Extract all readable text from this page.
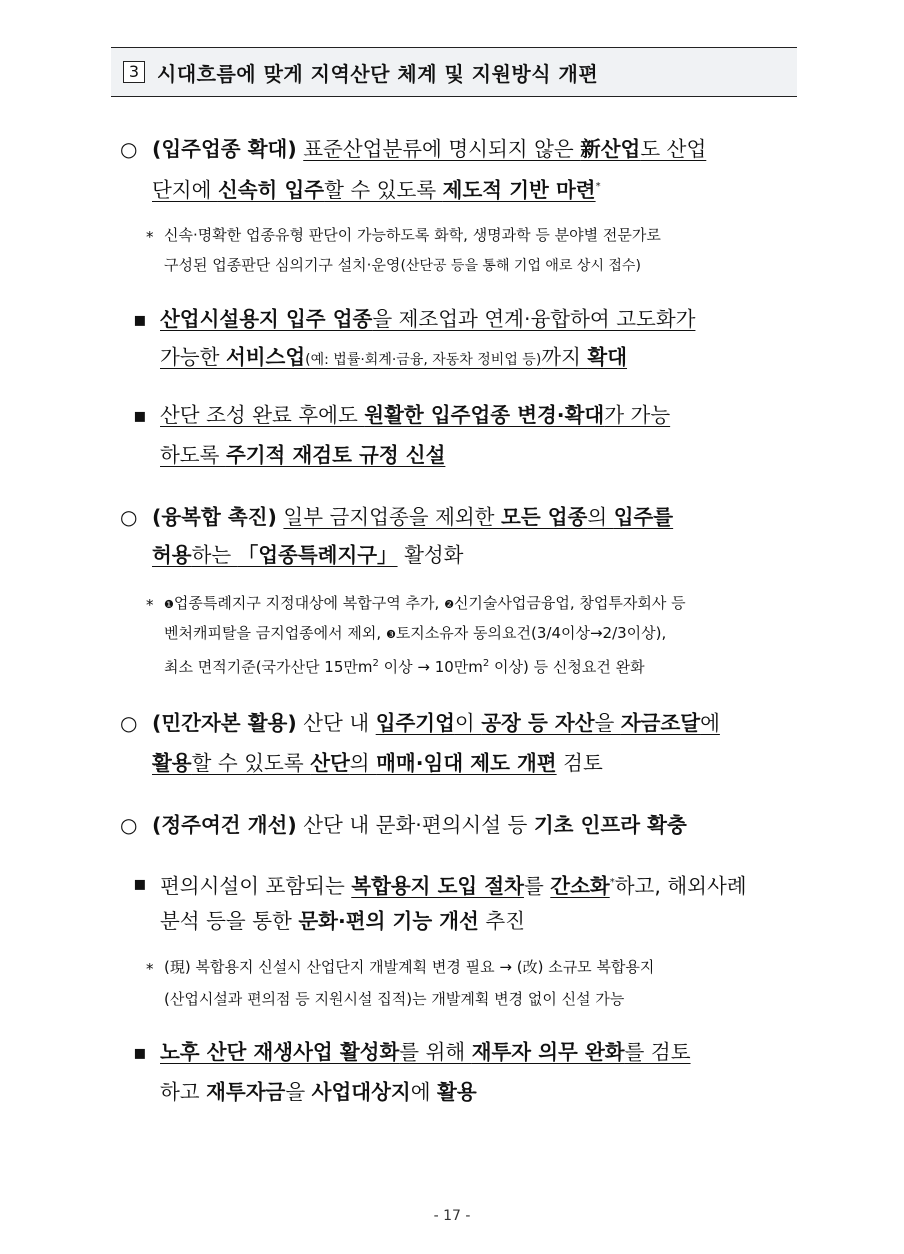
3 시대흐름에 맞게 지역산단 체계 및 지원방식 개편
○ (입주업종 확대) 표준산업분류에 명시되지 않은 新산업도 산업
단지에 신속히 입주할 수 있도록 제도적 기반 마련*
* 신속·명확한 업종유형 판단이 가능하도록 화학, 생명과학 등 분야별 전문가로
구성된 업종판단 심의기구 설치·운영(산단공 등을 통해 기업 애로 상시 접수)
▪ 산업시설용지 입주 업종을 제조업과 연계·융합하여 고도화가
가능한 서비스업(예: 법률·회계·금융, 자동차 정비업 등)까지 확대
▪ 산단 조성 완료 후에도 원활한 입주업종 변경·확대가 가능
하도록 주기적 재검토 규정 신설
○ (융복합 촉진) 일부 금지업종을 제외한 모든 업종의 입주를
허용하는 「업종특례지구」 활성화
* ❶업종특례지구 지정대상에 복합구역 추가, ❷신기술사업금융업, 창업투자회사 등
벤처캐피탈을 금지업종에서 제외, ❸토지소유자 동의요건(3/4이상→2/3이상),
최소 면적기준(국가산단 15만$m^2$ 이상 → 10만$m^2$ 이상) 등 신청요건 완화
○ (민간자본 활용) 산단 내 입주기업이 공장 등 자산을 자금조달에
활용할 수 있도록 산단의 매매·임대 제도 개편 검토
○ (정주여건 개선) 산단 내 문화·편의시설 등 기초 인프라 확충
▪ 편의시설이 포함되는 복합용지 도입 절차를 간소화*하고, 해외사례
분석 등을 통한 문화·편의 기능 개선 추진
* (現) 복합용지 신설시 산업단지 개발계획 변경 필요 → (改) 소규모 복합용지
(산업시설과 편의점 등 지원시설 집적)는 개발계획 변경 없이 신설 가능
▪ 노후 산단 재생사업 활성화를 위해 재투자 의무 완화를 검토
하고 재투자금을 사업대상지에 활용
- 17 -
